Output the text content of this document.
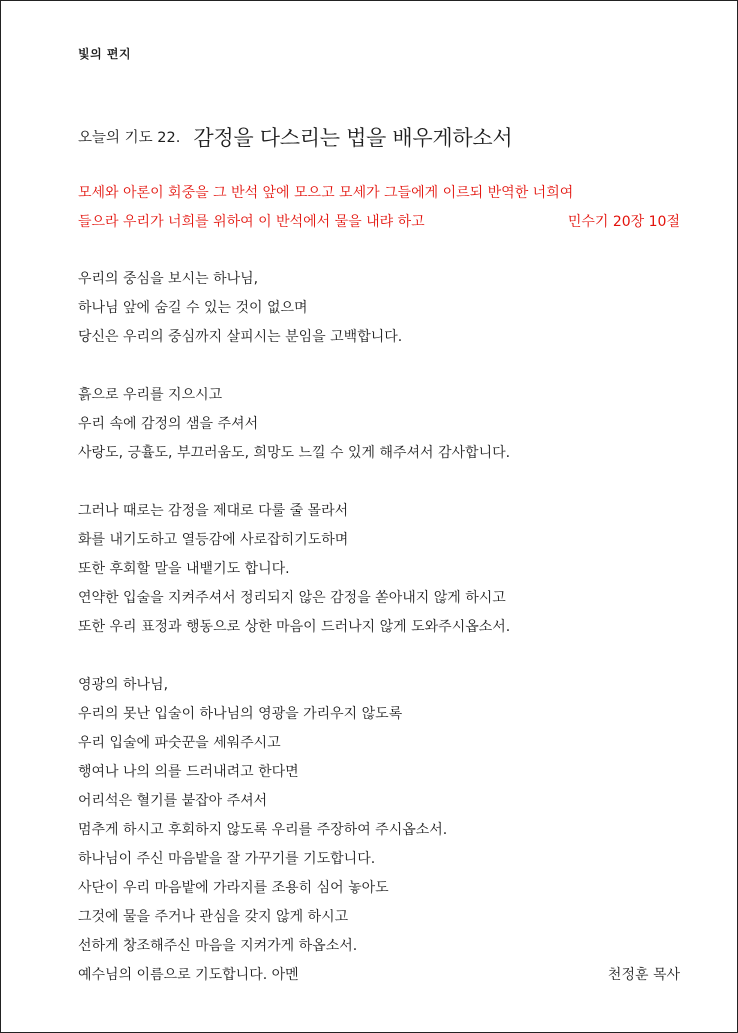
빛의 편지
오늘의 기도 22. 감정을 다스리는 법을 배우게하소서
모세와 아론이 회중을 그 반석 앞에 모으고 모세가 그들에게 이르되 반역한 너희여
들으라 우리가 너희를 위하여 이 반석에서 물을 내랴 하고	민수기 20장 10절
우리의 중심을 보시는 하나님,
하나님 앞에 숨길 수 있는 것이 없으며
당신은 우리의 중심까지 살피시는 분임을 고백합니다.
흙으로 우리를 지으시고
우리 속에 감정의 샘을 주셔서
사랑도, 긍휼도, 부끄러움도, 희망도 느낄 수 있게 해주셔서 감사합니다.
그러나 때로는 감정을 제대로 다룰 줄 몰라서
화를 내기도하고 열등감에 사로잡히기도하며
또한 후회할 말을 내뱉기도 합니다.
연약한 입술을 지켜주셔서 정리되지 않은 감정을 쏟아내지 않게 하시고
또한 우리 표정과 행동으로 상한 마음이 드러나지 않게 도와주시옵소서.
영광의 하나님,
우리의 못난 입술이 하나님의 영광을 가리우지 않도록
우리 입술에 파숫꾼을 세워주시고
행여나 나의 의를 드러내려고 한다면
어리석은 혈기를 붙잡아 주셔서
멈추게 하시고 후회하지 않도록 우리를 주장하여 주시옵소서.
하나님이 주신 마음밭을 잘 가꾸기를 기도합니다.
사단이 우리 마음밭에 가라지를 조용히 심어 놓아도
그것에 물을 주거나 관심을 갖지 않게 하시고
선하게 창조해주신 마음을 지켜가게 하옵소서.
예수님의 이름으로 기도합니다. 아멘	천정훈 목사
